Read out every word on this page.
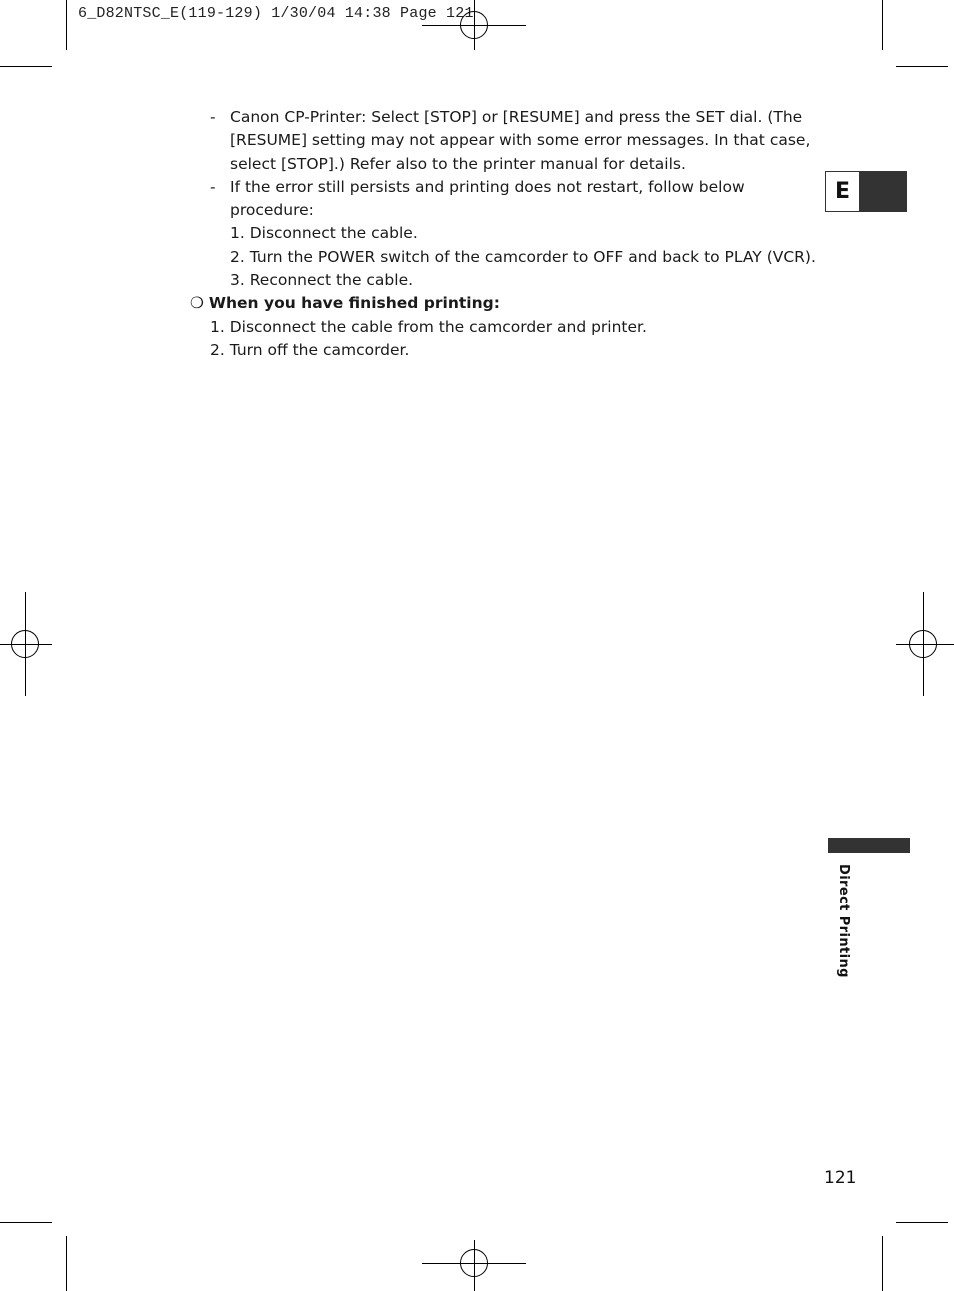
6_D82NTSC_E(119-129) 1/30/04 14:38 Page 121
E
- Canon CP-Printer: Select [STOP] or [RESUME] and press the SET dial. (The
[RESUME] setting may not appear with some error messages. In that case,
select [STOP].) Refer also to the printer manual for details.
- If the error still persists and printing does not restart, follow below
procedure:
1. Disconnect the cable.
2. Turn the POWER switch of the camcorder to OFF and back to PLAY (VCR).
3. Reconnect the cable.
❍ When you have finished printing:
1. Disconnect the cable from the camcorder and printer.
2. Turn off the camcorder.
Direct Printing
121
